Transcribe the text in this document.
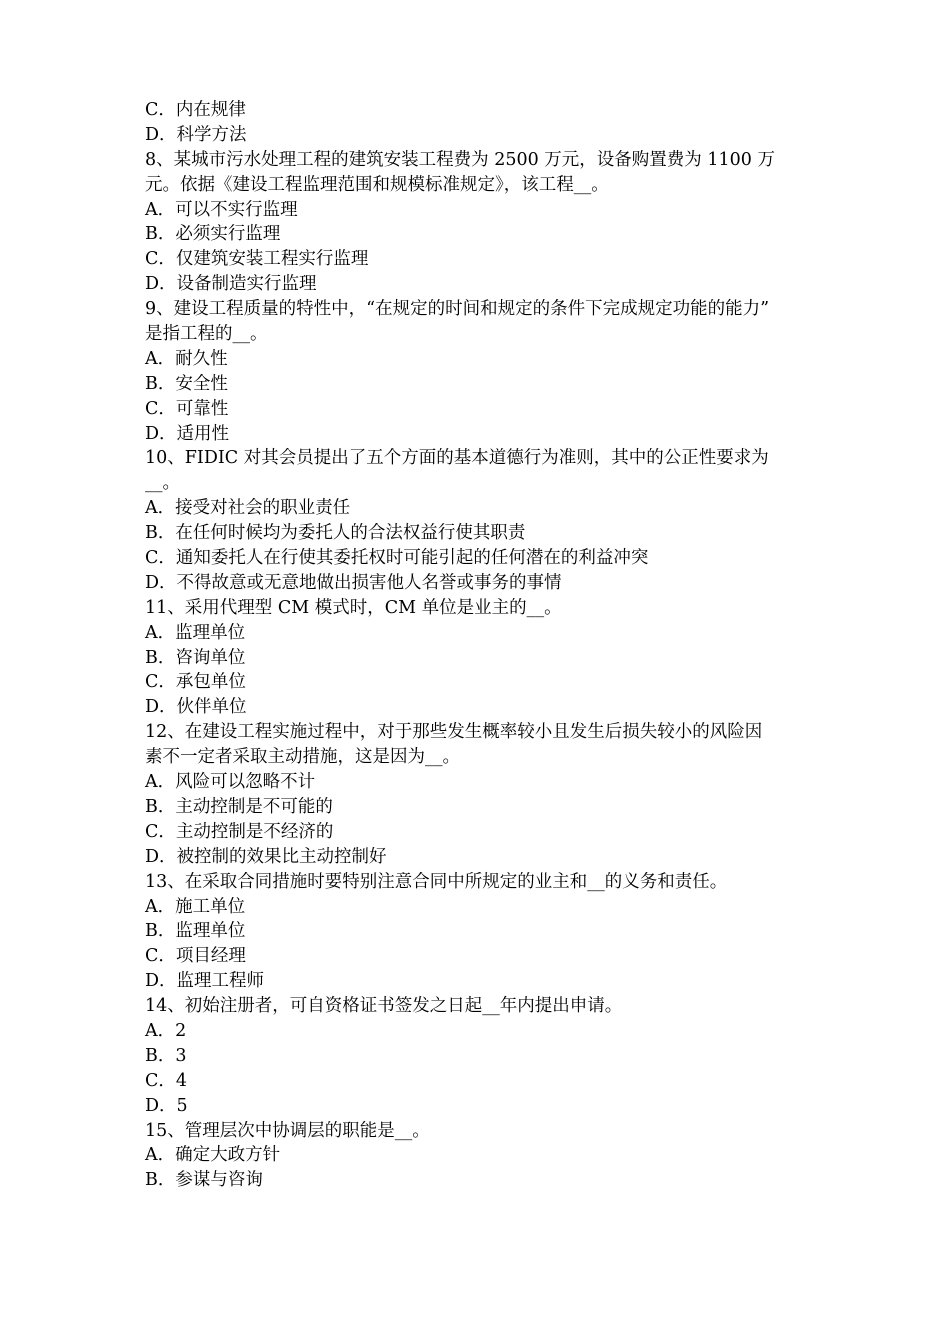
C．内在规律
D．科学方法
8、某城市污水处理工程的建筑安装工程费为 2500 万元，设备购置费为 1100 万
元。依据《建设工程监理范围和规模标准规定》，该工程__。
A．可以不实行监理
B．必须实行监理
C．仅建筑安装工程实行监理
D．设备制造实行监理
9、建设工程质量的特性中，“在规定的时间和规定的条件下完成规定功能的能力”
是指工程的__。
A．耐久性
B．安全性
C．可靠性
D．适用性
10、FIDIC 对其会员提出了五个方面的基本道德行为准则，其中的公正性要求为
__。
A．接受对社会的职业责任
B．在任何时候均为委托人的合法权益行使其职责
C．通知委托人在行使其委托权时可能引起的任何潜在的利益冲突
D．不得故意或无意地做出损害他人名誉或事务的事情
11、采用代理型 CM 模式时，CM 单位是业主的__。
A．监理单位
B．咨询单位
C．承包单位
D．伙伴单位
12、在建设工程实施过程中，对于那些发生概率较小且发生后损失较小的风险因
素不一定者采取主动措施，这是因为__。
A．风险可以忽略不计
B．主动控制是不可能的
C．主动控制是不经济的
D．被控制的效果比主动控制好
13、在采取合同措施时要特别注意合同中所规定的业主和__的义务和责任。
A．施工单位
B．监理单位
C．项目经理
D．监理工程师
14、初始注册者，可自资格证书签发之日起__年内提出申请。
A．2
B．3
C．4
D．5
15、管理层次中协调层的职能是__。
A．确定大政方针
B．参谋与咨询
